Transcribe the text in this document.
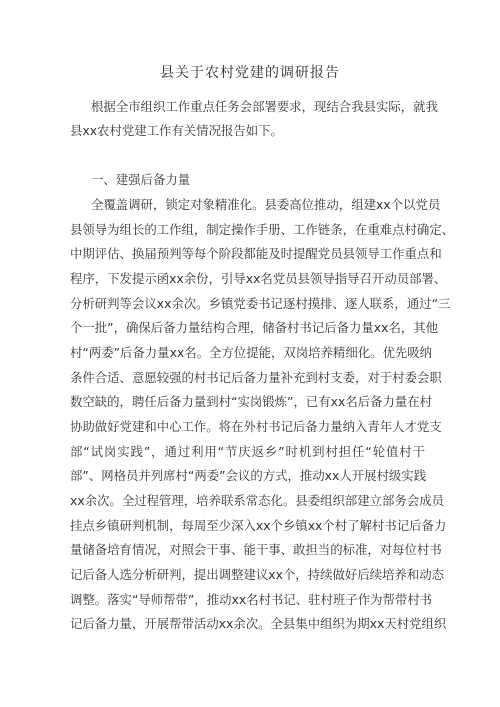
县关于农村党建的调研报告

根据全市组织工作重点任务会部署要求，现结合我县实际，就我

县xx农村党建工作有关情况报告如下。

一、建强后备力量

全覆盖调研，锁定对象精准化。县委高位推动，组建xx个以党员

县领导为组长的工作组，制定操作手册、工作链条，在重难点村确定、

中期评估、换届预判等每个阶段都能及时提醒党员县领导工作重点和

程序，下发提示函xx余份，引导xx名党员县领导指导召开动员部署、

分析研判等会议xx余次。乡镇党委书记逐村摸排、逐人联系，通过“三

个一批”，确保后备力量结构合理，储备村书记后备力量xx名，其他

村“两委”后备力量xx名。全方位提能，双岗培养精细化。优先吸纳

条件合适、意愿较强的村书记后备力量补充到村支委，对于村委会职

数空缺的，聘任后备力量到村“实岗锻炼”，已有xx名后备力量在村

协助做好党建和中心工作。将在外村书记后备力量纳入青年人才党支

部“试岗实践”，通过利用“节庆返乡”时机到村担任“轮值村干

部”、网格员并列席村“两委”会议的方式，推动xx人开展村级实践

xx余次。全过程管理，培养联系常态化。县委组织部建立部务会成员

挂点乡镇研判机制，每周至少深入xx个乡镇xx个村了解村书记后备力

量储备培育情况，对照会干事、能干事、敢担当的标准，对每位村书

记后备人选分析研判，提出调整建议xx个，持续做好后续培养和动态

调整。落实“导师帮带”，推动xx名村书记、驻村班子作为帮带村书

记后备力量，开展帮带活动xx余次。全县集中组织为期xx天村党组织
